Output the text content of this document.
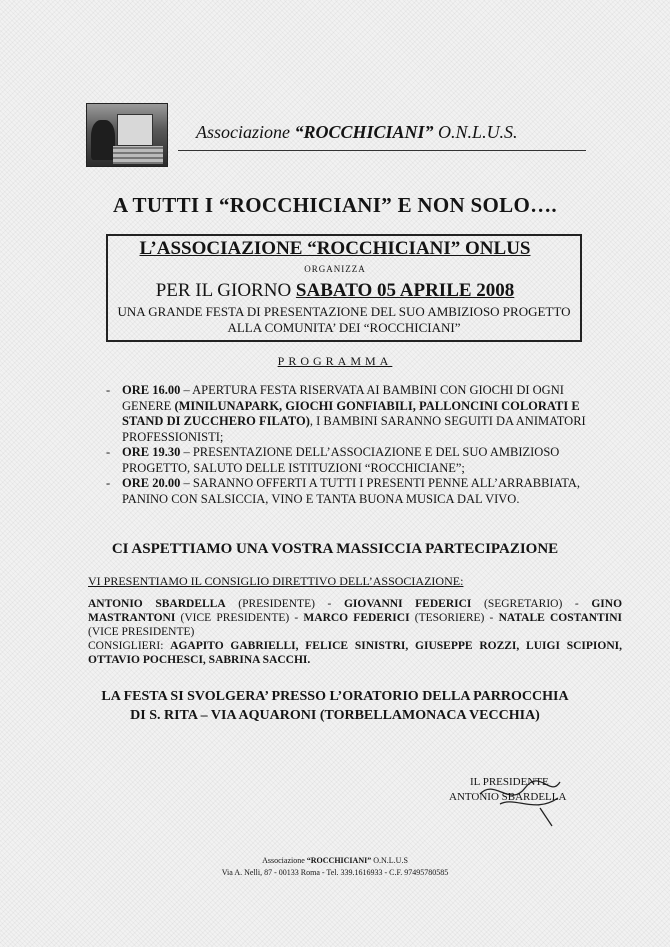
Associazione “ROCCHICIANI” O.N.L.U.S.
A TUTTI I “ROCCHICIANI” E NON SOLO….
L’ASSOCIAZIONE “ROCCHICIANI” ONLUS
ORGANIZZA
PER IL GIORNO SABATO 05 APRILE 2008
UNA GRANDE FESTA DI PRESENTAZIONE DEL SUO AMBIZIOSO PROGETTO ALLA COMUNITA’ DEI “ROCCHICIANI”
PROGRAMMA
- ORE 16.00 – APERTURA FESTA RISERVATA AI BAMBINI CON GIOCHI DI OGNI GENERE (MINILUNAPARK, GIOCHI GONFIABILI, PALLONCINI COLORATI E STAND DI ZUCCHERO FILATO), I BAMBINI SARANNO SEGUITI DA ANIMATORI PROFESSIONISTI;
- ORE 19.30 – PRESENTAZIONE DELL’ASSOCIAZIONE E DEL SUO AMBIZIOSO PROGETTO, SALUTO DELLE ISTITUZIONI “ROCCHICIANE”;
- ORE 20.00 – SARANNO OFFERTI A TUTTI I PRESENTI PENNE ALL’ARRABBIATA, PANINO CON SALSICCIA, VINO E TANTA BUONA MUSICA DAL VIVO.
CI ASPETTIAMO UNA VOSTRA MASSICCIA PARTECIPAZIONE
VI PRESENTIAMO IL CONSIGLIO DIRETTIVO DELL’ASSOCIAZIONE:
ANTONIO SBARDELLA (PRESIDENTE) - GIOVANNI FEDERICI (SEGRETARIO) - GINO MASTRANTONI (VICE PRESIDENTE) - MARCO FEDERICI (TESORIERE) - NATALE COSTANTINI (VICE PRESIDENTE)
CONSIGLIERI: AGAPITO GABRIELLI, FELICE SINISTRI, GIUSEPPE ROZZI, LUIGI SCIPIONI, OTTAVIO POCHESCI, SABRINA SACCHI.
LA FESTA SI SVOLGERA’ PRESSO L’ORATORIO DELLA PARROCCHIA
DI S. RITA – VIA AQUARONI (TORBELLAMONACA VECCHIA)
IL PRESIDENTE
ANTONIO SBARDELLA
Associazione “ROCCHICIANI” O.N.L.U.S
Via A. Nelli, 87 - 00133 Roma - Tel. 339.1616933 - C.F. 97495780585
